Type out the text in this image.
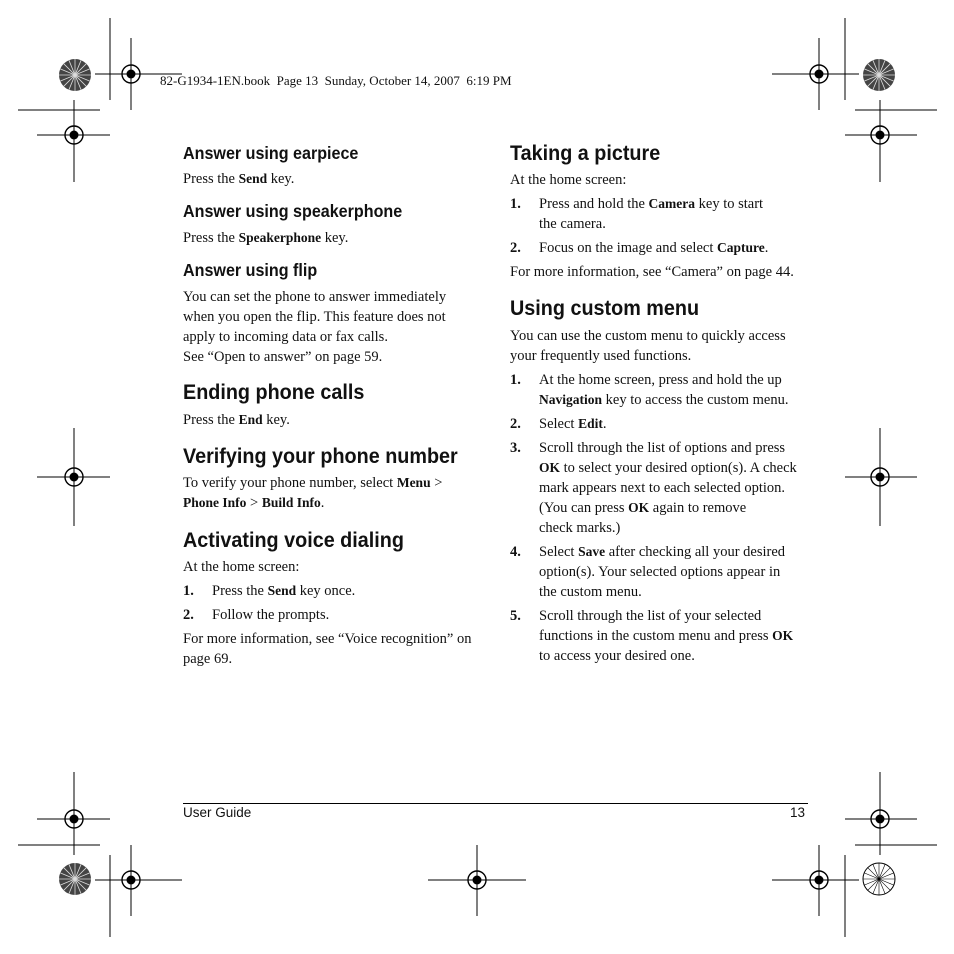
82-G1934-1EN.book  Page 13  Sunday, October 14, 2007  6:19 PM
Answer using earpiece
Press the Send key.
Answer using speakerphone
Press the Speakerphone key.
Answer using flip
You can set the phone to answer immediately
when you open the flip. This feature does not
apply to incoming data or fax calls.
See “Open to answer” on page 59.
Ending phone calls
Press the End key.
Verifying your phone number
To verify your phone number, select Menu >
Phone Info > Build Info.
Activating voice dialing
At the home screen:
1. Press the Send key once.
2. Follow the prompts.
For more information, see “Voice recognition” on
page 69.
Taking a picture
At the home screen:
1. Press and hold the Camera key to start
the camera.
2. Focus on the image and select Capture.
For more information, see “Camera” on page 44.
Using custom menu
You can use the custom menu to quickly access
your frequently used functions.
1. At the home screen, press and hold the up
Navigation key to access the custom menu.
2. Select Edit.
3. Scroll through the list of options and press
OK to select your desired option(s). A check
mark appears next to each selected option.
(You can press OK again to remove
check marks.)
4. Select Save after checking all your desired
option(s). Your selected options appear in
the custom menu.
5. Scroll through the list of your selected
functions in the custom menu and press OK
to access your desired one.
User Guide	13
